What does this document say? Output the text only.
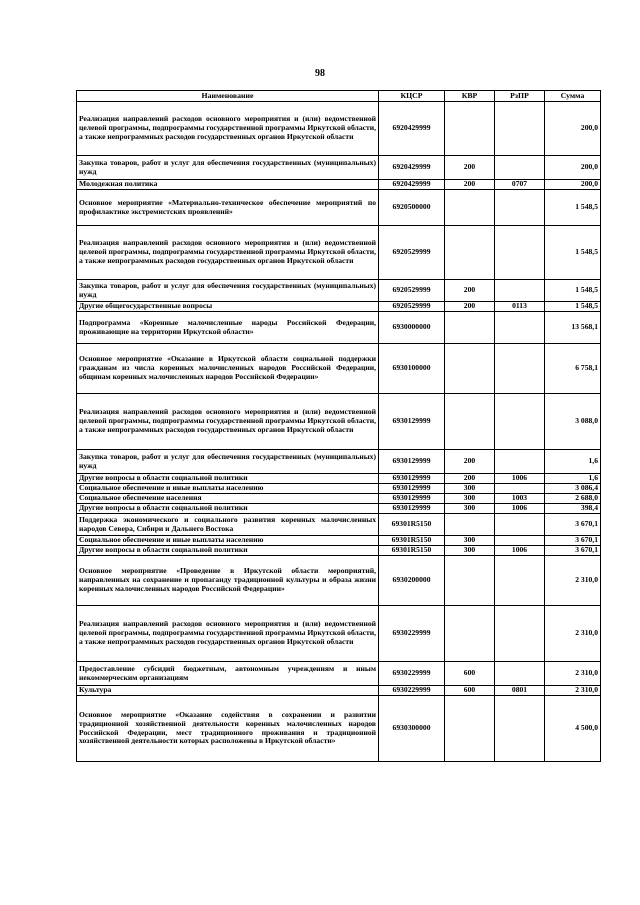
98
Наименование	КЦСР	КВР	РзПР	Сумма
Реализация направлений расходов основного мероприятия и (или) ведомственной целевой программы, подпрограммы государственной программы Иркутской области, а также непрограммных расходов государственных органов Иркутской области	6920429999			200,0
Закупка товаров, работ и услуг для обеспечения государственных (муниципальных) нужд	6920429999	200		200,0
Молодежная политика	6920429999	200	0707	200,0
Основное мероприятие «Материально-техническое обеспечение мероприятий по профилактике экстремистских проявлений»	6920500000			1 548,5
Реализация направлений расходов основного мероприятия и (или) ведомственной целевой программы, подпрограммы государственной программы Иркутской области, а также непрограммных расходов государственных органов Иркутской области	6920529999			1 548,5
Закупка товаров, работ и услуг для обеспечения государственных (муниципальных) нужд	6920529999	200		1 548,5
Другие общегосударственные вопросы	6920529999	200	0113	1 548,5
Подпрограмма «Коренные малочисленные народы Российской Федерации, проживающие на территории Иркутской области»	6930000000			13 568,1
Основное мероприятие «Оказание в Иркутской области социальной поддержки гражданам из числа коренных малочисленных народов Российской Федерации, общинам коренных малочисленных народов Российской Федерации»	6930100000			6 758,1
Реализация направлений расходов основного мероприятия и (или) ведомственной целевой программы, подпрограммы государственной программы Иркутской области, а также непрограммных расходов государственных органов Иркутской области	6930129999			3 088,0
Закупка товаров, работ и услуг для обеспечения государственных (муниципальных) нужд	6930129999	200		1,6
Другие вопросы в области социальной политики	6930129999	200	1006	1,6
Социальное обеспечение и иные выплаты населению	6930129999	300		3 086,4
Социальное обеспечение населения	6930129999	300	1003	2 688,0
Другие вопросы в области социальной политики	6930129999	300	1006	398,4
Поддержка экономического и социального развития коренных малочисленных народов Севера, Сибири и Дальнего Востока	69301R5150			3 670,1
Социальное обеспечение и иные выплаты населению	69301R5150	300		3 670,1
Другие вопросы в области социальной политики	69301R5150	300	1006	3 670,1
Основное мероприятие «Проведение в Иркутской области мероприятий, направленных на сохранение и пропаганду традиционной культуры и образа жизни коренных малочисленных народов Российской Федерации»	6930200000			2 310,0
Реализация направлений расходов основного мероприятия и (или) ведомственной целевой программы, подпрограммы государственной программы Иркутской области, а также непрограммных расходов государственных органов Иркутской области	6930229999			2 310,0
Предоставление субсидий бюджетным, автономным учреждениям и иным некоммерческим организациям	6930229999	600		2 310,0
Культура	6930229999	600	0801	2 310,0
Основное мероприятие «Оказание содействия в сохранении и развитии традиционной хозяйственной деятельности коренных малочисленных народов Российской Федерации, мест традиционного проживания и традиционной хозяйственной деятельности которых расположены в Иркутской области»	6930300000			4 500,0
